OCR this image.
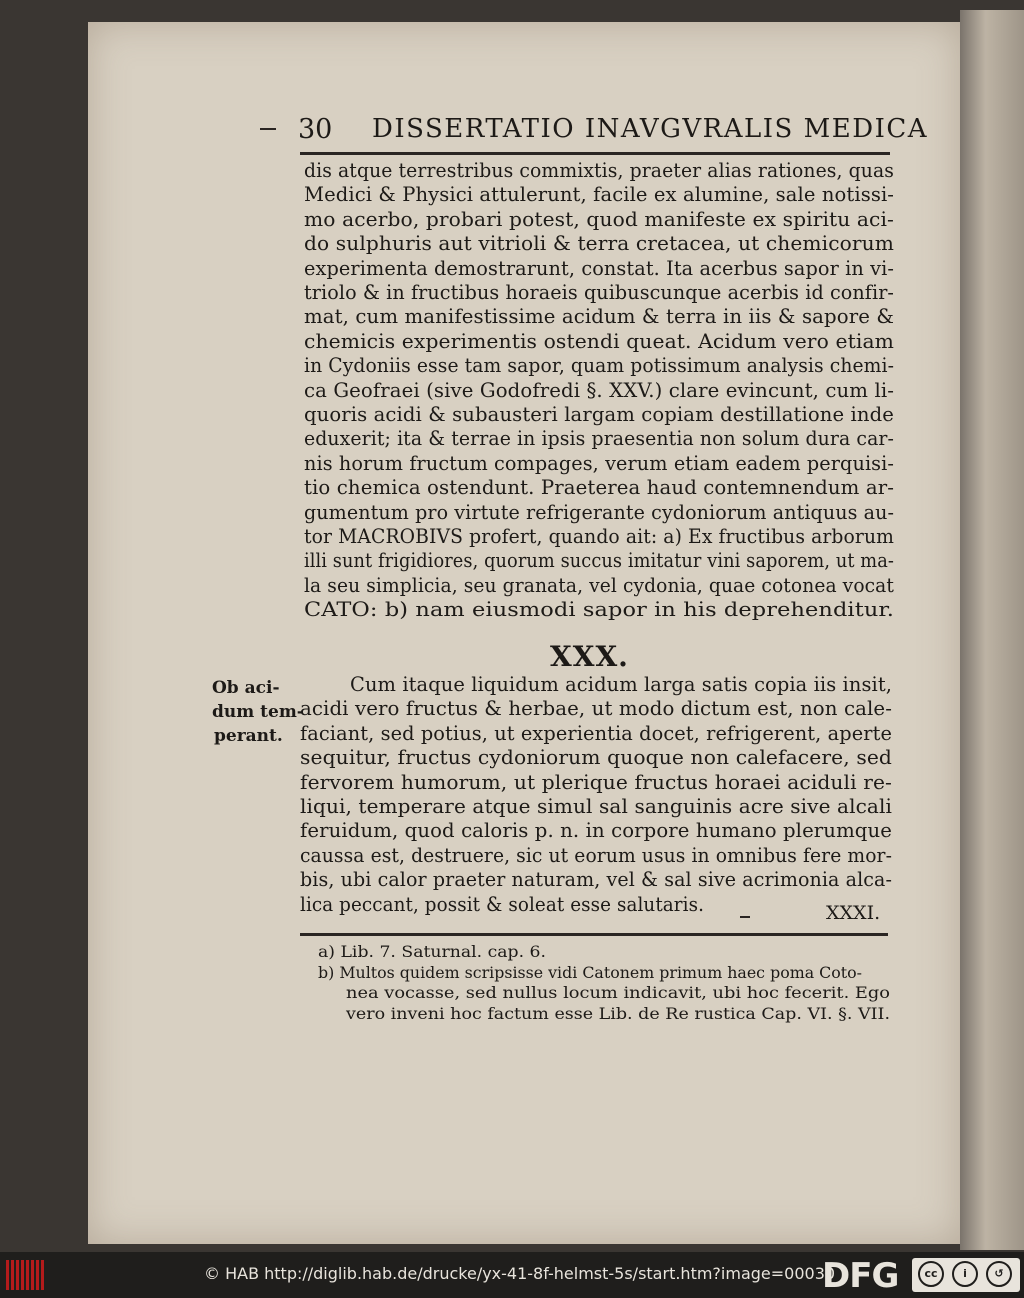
30 DISSERTATIO INAVGVRALIS MEDICA
dis atque terrestribus commixtis, praeter alias rationes, quas
Medici & Physici attulerunt, facile ex alumine, sale notissi-
mo acerbo, probari potest, quod manifeste ex spiritu aci-
do sulphuris aut vitrioli & terra cretacea, ut chemicorum
experimenta demostrarunt, constat. Ita acerbus sapor in vi-
triolo & in fructibus horaeis quibuscunque acerbis id confir-
mat, cum manifestissime acidum & terra in iis & sapore &
chemicis experimentis ostendi queat. Acidum vero etiam
in Cydoniis esse tam sapor, quam potissimum analysis chemi-
ca Geofraei (sive Godofredi §. XXV.) clare evincunt, cum li-
quoris acidi & subausteri largam copiam destillatione inde
eduxerit; ita & terrae in ipsis praesentia non solum dura car-
nis horum fructum compages, verum etiam eadem perquisi-
tio chemica ostendunt. Praeterea haud contemnendum ar-
gumentum pro virtute refrigerante cydoniorum antiquus au-
tor MACROBIVS profert, quando ait: a) Ex fructibus arborum
illi sunt frigidiores, quorum succus imitatur vini saporem, ut ma-
la seu simplicia, seu granata, vel cydonia, quae cotonea vocat
CATO: b) nam eiusmodi sapor in his deprehenditur.
XXX.
Ob aci-
dum tem-
perant.
Cum itaque liquidum acidum larga satis copia iis insit,
acidi vero fructus & herbae, ut modo dictum est, non cale-
faciant, sed potius, ut experientia docet, refrigerent, aperte
sequitur, fructus cydoniorum quoque non calefacere, sed
fervorem humorum, ut plerique fructus horaei aciduli re-
liqui, temperare atque simul sal sanguinis acre sive alcali
feruidum, quod caloris p. n. in corpore humano plerumque
caussa est, destruere, sic ut eorum usus in omnibus fere mor-
bis, ubi calor praeter naturam, vel & sal sive acrimonia alca-
lica peccant, possit & soleat esse salutaris.	XXXI.
a) Lib. 7. Saturnal. cap. 6.
b) Multos quidem scripsisse vidi Catonem primum haec poma Coto-
nea vocasse, sed nullus locum indicavit, ubi hoc fecerit. Ego
vero inveni hoc factum esse Lib. de Re rustica Cap. VI. §. VII.
© HAB http://diglib.hab.de/drucke/yx-41-8f-helmst-5s/start.htm?image=00030
DFG	cc	i	↺
